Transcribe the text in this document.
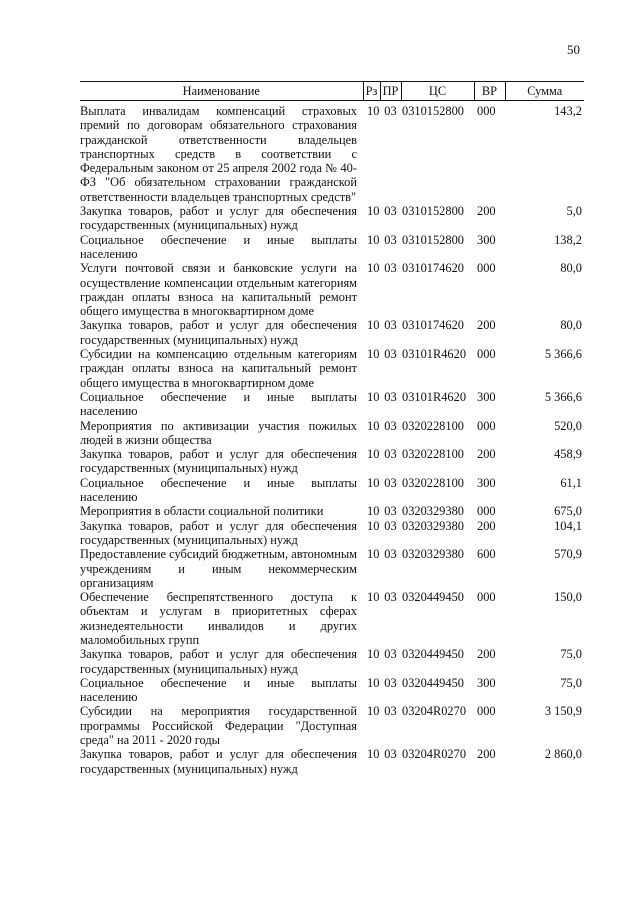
50
Наименование	Рз	ПР	ЦС	ВР	Сумма
Выплата инвалидам компенсаций страховых премий по договорам обязательного страхования гражданской ответственности владельцев транспортных средств в соответствии с Федеральным законом от 25 апреля 2002 года № 40-ФЗ "Об обязательном страховании гражданской ответственности владельцев транспортных средств"	10	03	0310152800	000	143,2
Закупка товаров, работ и услуг для обеспечения государственных (муниципальных) нужд	10	03	0310152800	200	5,0
Социальное обеспечение и иные выплаты населению	10	03	0310152800	300	138,2
Услуги почтовой связи и банковские услуги на осуществление компенсации отдельным категориям граждан оплаты взноса на капитальный ремонт общего имущества в многоквартирном доме	10	03	0310174620	000	80,0
Закупка товаров, работ и услуг для обеспечения государственных (муниципальных) нужд	10	03	0310174620	200	80,0
Субсидии на компенсацию отдельным категориям граждан оплаты взноса на капитальный ремонт общего имущества в многоквартирном доме	10	03	03101R4620	000	5 366,6
Социальное обеспечение и иные выплаты населению	10	03	03101R4620	300	5 366,6
Мероприятия по активизации участия пожилых людей в жизни общества	10	03	0320228100	000	520,0
Закупка товаров, работ и услуг для обеспечения государственных (муниципальных) нужд	10	03	0320228100	200	458,9
Социальное обеспечение и иные выплаты населению	10	03	0320228100	300	61,1
Мероприятия в области социальной политики	10	03	0320329380	000	675,0
Закупка товаров, работ и услуг для обеспечения государственных (муниципальных) нужд	10	03	0320329380	200	104,1
Предоставление субсидий бюджетным, автономным учреждениям и иным некоммерческим организациям	10	03	0320329380	600	570,9
Обеспечение беспрепятственного доступа к объектам и услугам в приоритетных сферах жизнедеятельности инвалидов и других маломобильных групп	10	03	0320449450	000	150,0
Закупка товаров, работ и услуг для обеспечения государственных (муниципальных) нужд	10	03	0320449450	200	75,0
Социальное обеспечение и иные выплаты населению	10	03	0320449450	300	75,0
Субсидии на мероприятия государственной программы Российской Федерации "Доступная среда" на 2011 - 2020 годы	10	03	03204R0270	000	3 150,9
Закупка товаров, работ и услуг для обеспечения государственных (муниципальных) нужд	10	03	03204R0270	200	2 860,0
